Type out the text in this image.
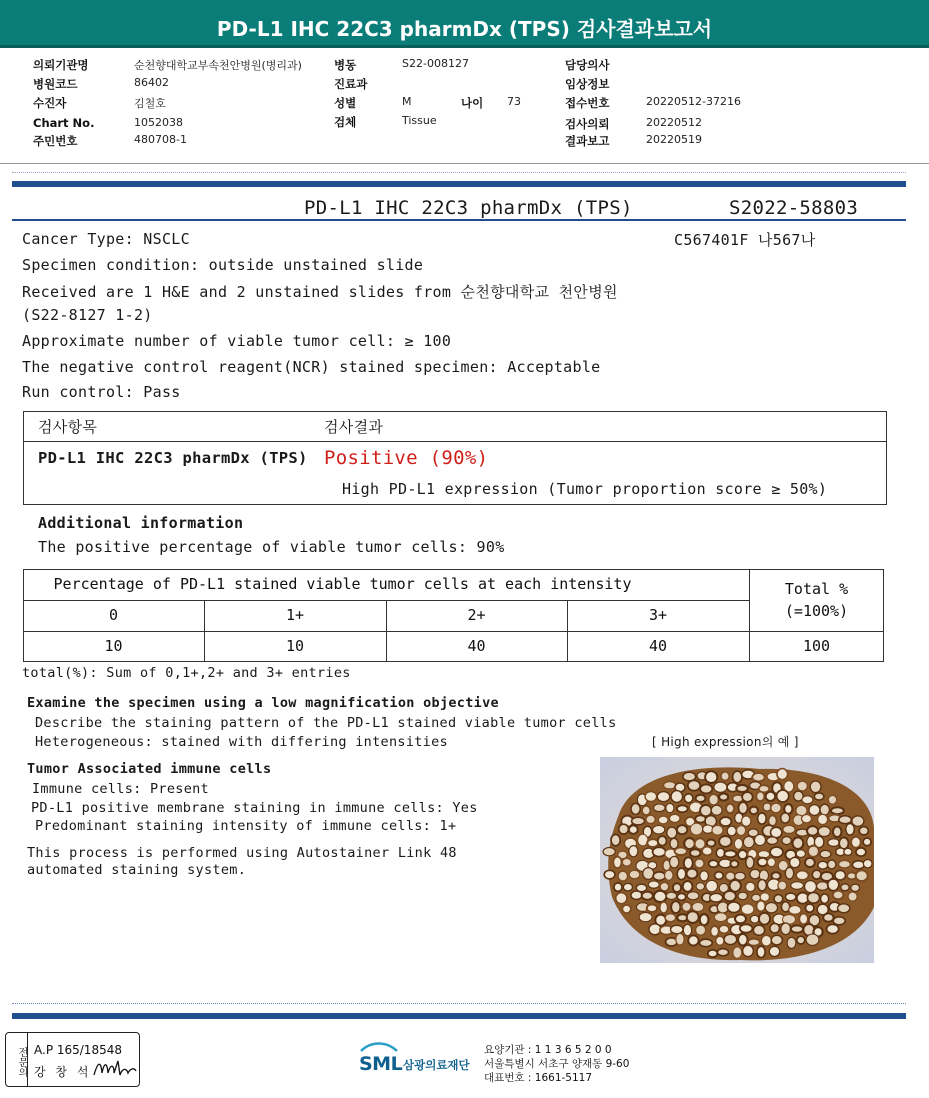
PD-L1 IHC 22C3 pharmDx (TPS) 검사결과보고서
의뢰기관명	순천향대학교부속천안병원(병리과)
병원코드	86402
수진자	김철호
Chart No.	1052038
주민번호	480708-1
병동	S22-008127
진료과
성별	M	나이 73
검체	Tissue
담당의사
임상정보
접수번호	20220512-37216
검사의뢰	20220512
결과보고	20220519
PD-L1 IHC 22C3 pharmDx (TPS)	S2022-58803
C567401F 나567나
Cancer Type: NSCLC
Specimen condition: outside unstained slide
Received are 1 H&E and 2 unstained slides from 순천향대학교 천안병원
(S22-8127 1-2)
Approximate number of viable tumor cell: ≥ 100
The negative control reagent(NCR) stained specimen: Acceptable
Run control: Pass
검사항목	검사결과
PD-L1 IHC 22C3 pharmDx (TPS) Positive (90%)
High PD-L1 expression (Tumor proportion score ≥ 50%)
Additional information
The positive percentage of viable tumor cells: 90%
Percentage of PD-L1 stained viable tumor cells at each intensity	Total %
(=100%)
0	1+	2+	3+
10	10	40	40	100
total(%): Sum of 0,1+,2+ and 3+ entries
Examine the specimen using a low magnification objective
Describe the staining pattern of the PD-L1 stained viable tumor cells
Heterogeneous: stained with differing intensities	[ High expression의 예 ]
Tumor Associated immune cells
Immune cells: Present
PD-L1 positive membrane staining in immune cells: Yes
Predominant staining intensity of immune cells: 1+
This process is performed using Autostainer Link 48
automated staining system.
전문의 A.P 165/18548
강 창 석	SML 삼광의료재단
요양기관 : 1 1 3 6 5 2 0 0
서울특별시 서초구 양재동 9-60
대표번호 : 1661-5117
